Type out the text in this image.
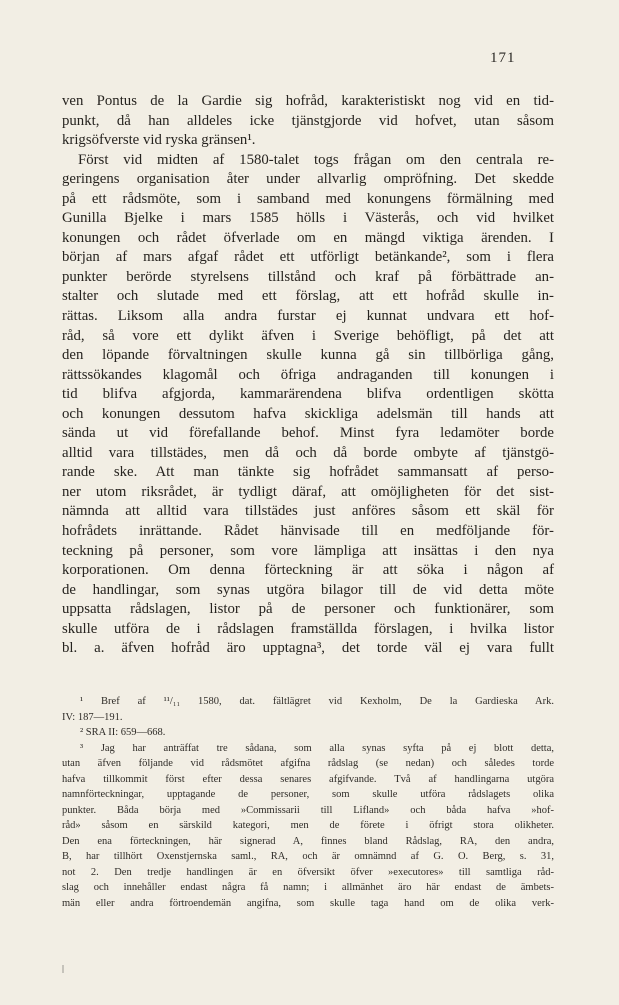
171
ven Pontus de la Gardie sig hofråd, karakteristiskt nog vid en tid-
punkt, då han alldeles icke tjänstgjorde vid hofvet, utan såsom
krigsöfverste vid ryska gränsen¹.
Först vid midten af 1580-talet togs frågan om den centrala re-
geringens organisation åter under allvarlig ompröfning. Det skedde
på ett rådsmöte, som i samband med konungens förmälning med
Gunilla Bjelke i mars 1585 hölls i Västerås, och vid hvilket
konungen och rådet öfverlade om en mängd viktiga ärenden. I
början af mars afgaf rådet ett utförligt betänkande², som i flera
punkter berörde styrelsens tillstånd och kraf på förbättrade an-
stalter och slutade med ett förslag, att ett hofråd skulle in-
rättas. Liksom alla andra furstar ej kunnat undvara ett hof-
råd, så vore ett dylikt äfven i Sverige behöfligt, på det att
den löpande förvaltningen skulle kunna gå sin tillbörliga gång,
rättssökandes klagomål och öfriga andraganden till konungen i
tid blifva afgjorda, kammarärendena blifva ordentligen skötta
och konungen dessutom hafva skickliga adelsmän till hands att
sända ut vid förefallande behof. Minst fyra ledamöter borde
alltid vara tillstädes, men då och då borde ombyte af tjänstgö-
rande ske. Att man tänkte sig hofrådet sammansatt af perso-
ner utom riksrådet, är tydligt däraf, att omöjligheten för det sist-
nämnda att alltid vara tillstädes just anföres såsom ett skäl för
hofrådets inrättande. Rådet hänvisade till en medföljande för-
teckning på personer, som vore lämpliga att insättas i den nya
korporationen. Om denna förteckning är att söka i någon af
de handlingar, som synas utgöra bilagor till de vid detta möte
uppsatta rådslagen, listor på de personer och funktionärer, som
skulle utföra de i rådslagen framställda förslagen, i hvilka listor
bl. a. äfven hofråd äro upptagna³, det torde väl ej vara fullt
¹ Bref af ¹¹/₁₁ 1580, dat. fältlägret vid Kexholm, De la Gardieska Ark.
IV: 187—191.
² SRA II: 659—668.
³ Jag har anträffat tre sådana, som alla synas syfta på ej blott detta,
utan äfven följande vid rådsmötet afgifna rådslag (se nedan) och således torde
hafva tillkommit först efter dessa senares afgifvande. Två af handlingarna utgöra
namnförteckningar, upptagande de personer, som skulle utföra rådslagets olika
punkter. Båda börja med »Commissarii till Lifland» och båda hafva »hof-
råd» såsom en särskild kategori, men de förete i öfrigt stora olikheter.
Den ena förteckningen, här signerad A, finnes bland Rådslag, RA, den andra,
B, har tillhört Oxenstjernska saml., RA, och är omnämnd af G. O. Berg, s. 31,
not 2. Den tredje handlingen är en öfversikt öfver »executores» till samtliga råd-
slag och innehåller endast några få namn; i allmänhet äro här endast de ämbets-
män eller andra förtroendemän angifna, som skulle taga hand om de olika verk-
